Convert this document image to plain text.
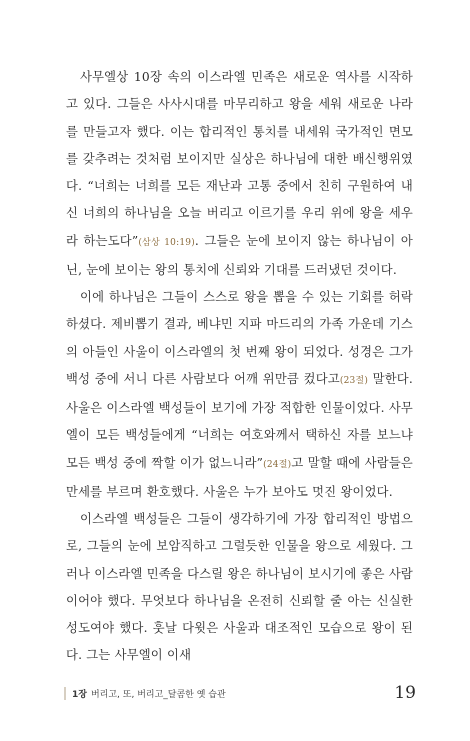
사무엘상 10장 속의 이스라엘 민족은 새로운 역사를 시작하고 있다. 그들은 사사시대를 마무리하고 왕을 세워 새로운 나라를 만들고자 했다. 이는 합리적인 통치를 내세워 국가적인 면모를 갖추려는 것처럼 보이지만 실상은 하나님에 대한 배신행위였다. “너희는 너희를 모든 재난과 고통 중에서 친히 구원하여 내신 너희의 하나님을 오늘 버리고 이르기를 우리 위에 왕을 세우라 하는도다”(삼상 10:19). 그들은 눈에 보이지 않는 하나님이 아닌, 눈에 보이는 왕의 통치에 신뢰와 기대를 드러냈던 것이다.

이에 하나님은 그들이 스스로 왕을 뽑을 수 있는 기회를 허락하셨다. 제비뽑기 결과, 베냐민 지파 마드리의 가족 가운데 기스의 아들인 사울이 이스라엘의 첫 번째 왕이 되었다. 성경은 그가 백성 중에 서니 다른 사람보다 어깨 위만큼 컸다고(23절) 말한다. 사울은 이스라엘 백성들이 보기에 가장 적합한 인물이었다. 사무엘이 모든 백성들에게 “너희는 여호와께서 택하신 자를 보느냐 모든 백성 중에 짝할 이가 없느니라”(24절)고 말할 때에 사람들은 만세를 부르며 환호했다. 사울은 누가 보아도 멋진 왕이었다.

이스라엘 백성들은 그들이 생각하기에 가장 합리적인 방법으로, 그들의 눈에 보암직하고 그럴듯한 인물을 왕으로 세웠다. 그러나 이스라엘 민족을 다스릴 왕은 하나님이 보시기에 좋은 사람이어야 했다. 무엇보다 하나님을 온전히 신뢰할 줄 아는 신실한 성도여야 했다. 훗날 다윗은 사울과 대조적인 모습으로 왕이 된다. 그는 사무엘이 이새

1장 버리고, 또, 버리고_달콤한 옛 습관	19
